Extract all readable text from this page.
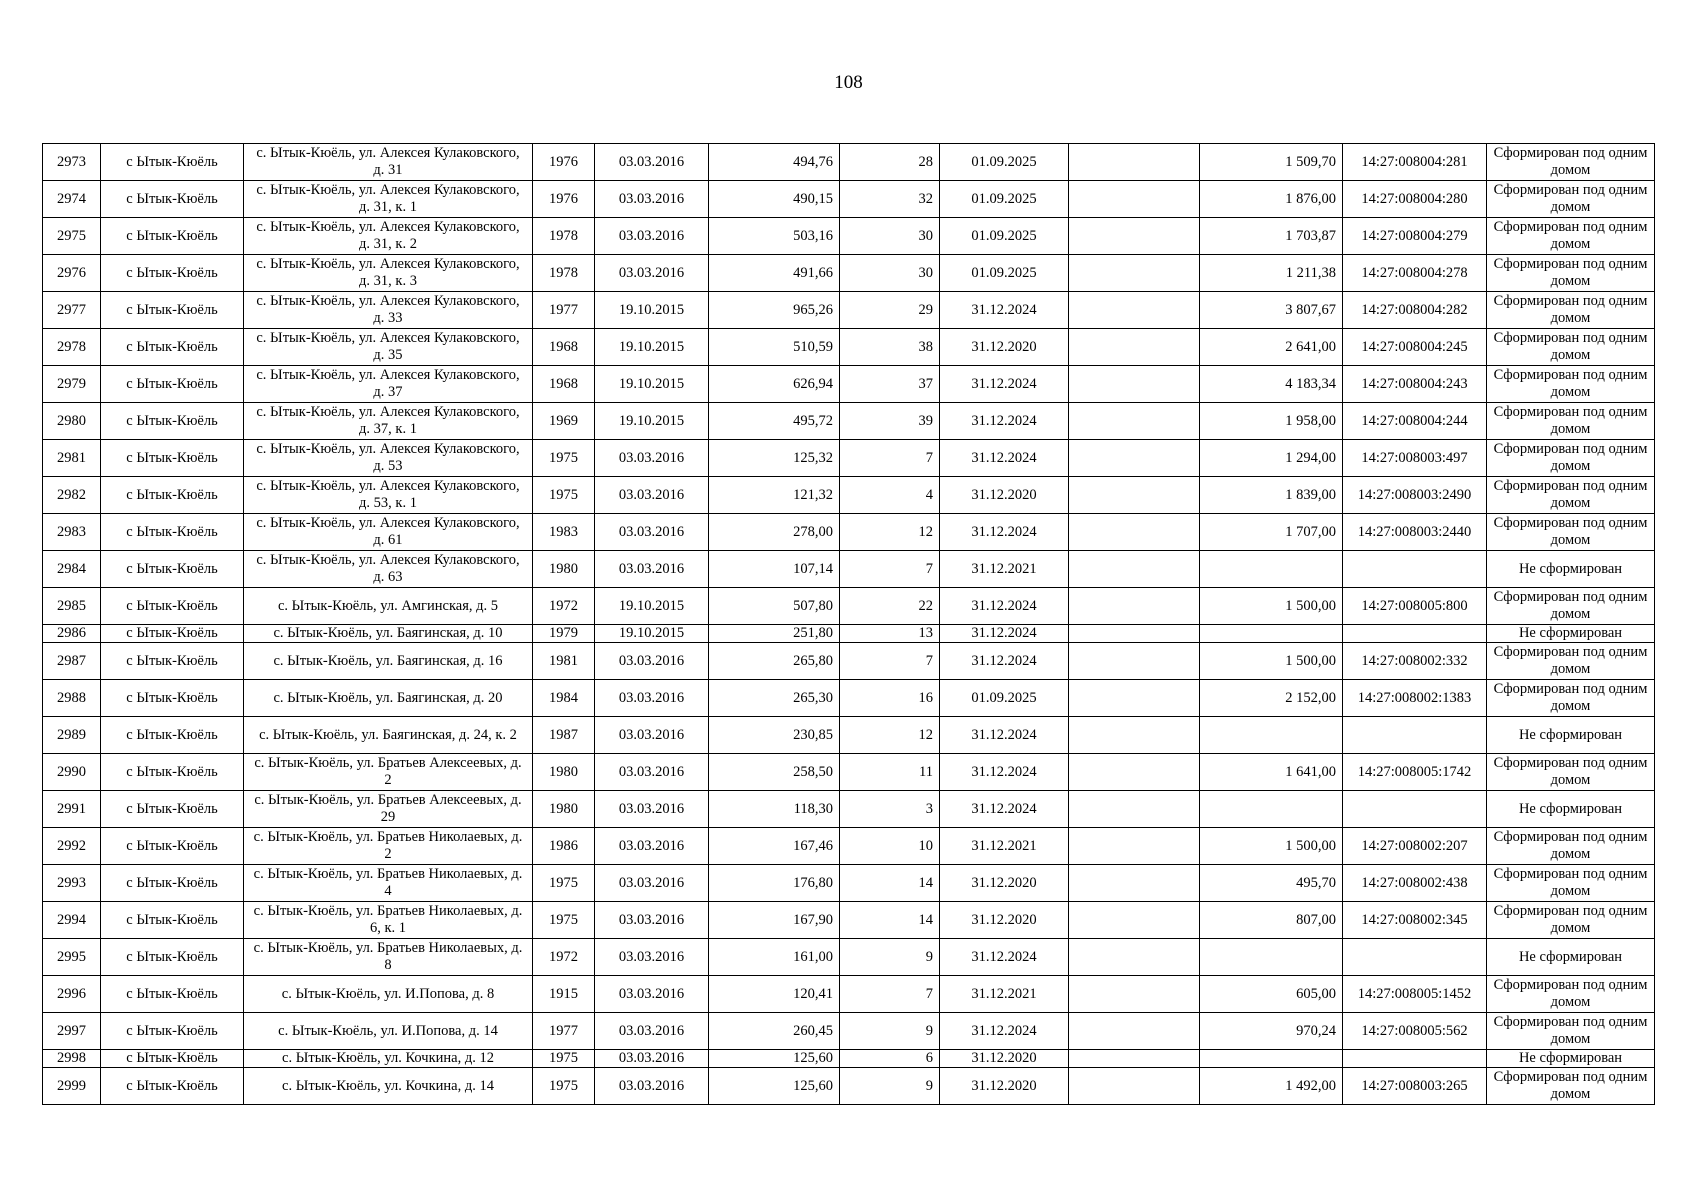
108
2973	с Ытык-Кюёль	с. Ытык-Кюёль, ул. Алексея Кулаковского, д. 31	1976	03.03.2016	494,76	28	01.09.2025		1 509,70	14:27:008004:281	Сформирован под одним домом
2974	с Ытык-Кюёль	с. Ытык-Кюёль, ул. Алексея Кулаковского, д. 31, к. 1	1976	03.03.2016	490,15	32	01.09.2025		1 876,00	14:27:008004:280	Сформирован под одним домом
2975	с Ытык-Кюёль	с. Ытык-Кюёль, ул. Алексея Кулаковского, д. 31, к. 2	1978	03.03.2016	503,16	30	01.09.2025		1 703,87	14:27:008004:279	Сформирован под одним домом
2976	с Ытык-Кюёль	с. Ытык-Кюёль, ул. Алексея Кулаковского, д. 31, к. 3	1978	03.03.2016	491,66	30	01.09.2025		1 211,38	14:27:008004:278	Сформирован под одним домом
2977	с Ытык-Кюёль	с. Ытык-Кюёль, ул. Алексея Кулаковского, д. 33	1977	19.10.2015	965,26	29	31.12.2024		3 807,67	14:27:008004:282	Сформирован под одним домом
2978	с Ытык-Кюёль	с. Ытык-Кюёль, ул. Алексея Кулаковского, д. 35	1968	19.10.2015	510,59	38	31.12.2020		2 641,00	14:27:008004:245	Сформирован под одним домом
2979	с Ытык-Кюёль	с. Ытык-Кюёль, ул. Алексея Кулаковского, д. 37	1968	19.10.2015	626,94	37	31.12.2024		4 183,34	14:27:008004:243	Сформирован под одним домом
2980	с Ытык-Кюёль	с. Ытык-Кюёль, ул. Алексея Кулаковского, д. 37, к. 1	1969	19.10.2015	495,72	39	31.12.2024		1 958,00	14:27:008004:244	Сформирован под одним домом
2981	с Ытык-Кюёль	с. Ытык-Кюёль, ул. Алексея Кулаковского, д. 53	1975	03.03.2016	125,32	7	31.12.2024		1 294,00	14:27:008003:497	Сформирован под одним домом
2982	с Ытык-Кюёль	с. Ытык-Кюёль, ул. Алексея Кулаковского, д. 53, к. 1	1975	03.03.2016	121,32	4	31.12.2020		1 839,00	14:27:008003:2490	Сформирован под одним домом
2983	с Ытык-Кюёль	с. Ытык-Кюёль, ул. Алексея Кулаковского, д. 61	1983	03.03.2016	278,00	12	31.12.2024		1 707,00	14:27:008003:2440	Сформирован под одним домом
2984	с Ытык-Кюёль	с. Ытык-Кюёль, ул. Алексея Кулаковского, д. 63	1980	03.03.2016	107,14	7	31.12.2021				Не сформирован
2985	с Ытык-Кюёль	с. Ытык-Кюёль, ул. Амгинская, д. 5	1972	19.10.2015	507,80	22	31.12.2024		1 500,00	14:27:008005:800	Сформирован под одним домом
2986	с Ытык-Кюёль	с. Ытык-Кюёль, ул. Баягинская, д. 10	1979	19.10.2015	251,80	13	31.12.2024				Не сформирован
2987	с Ытык-Кюёль	с. Ытык-Кюёль, ул. Баягинская, д. 16	1981	03.03.2016	265,80	7	31.12.2024		1 500,00	14:27:008002:332	Сформирован под одним домом
2988	с Ытык-Кюёль	с. Ытык-Кюёль, ул. Баягинская, д. 20	1984	03.03.2016	265,30	16	01.09.2025		2 152,00	14:27:008002:1383	Сформирован под одним домом
2989	с Ытык-Кюёль	с. Ытык-Кюёль, ул. Баягинская, д. 24, к. 2	1987	03.03.2016	230,85	12	31.12.2024				Не сформирован
2990	с Ытык-Кюёль	с. Ытык-Кюёль, ул. Братьев Алексеевых, д. 2	1980	03.03.2016	258,50	11	31.12.2024		1 641,00	14:27:008005:1742	Сформирован под одним домом
2991	с Ытык-Кюёль	с. Ытык-Кюёль, ул. Братьев Алексеевых, д. 29	1980	03.03.2016	118,30	3	31.12.2024				Не сформирован
2992	с Ытык-Кюёль	с. Ытык-Кюёль, ул. Братьев Николаевых, д. 2	1986	03.03.2016	167,46	10	31.12.2021		1 500,00	14:27:008002:207	Сформирован под одним домом
2993	с Ытык-Кюёль	с. Ытык-Кюёль, ул. Братьев Николаевых, д. 4	1975	03.03.2016	176,80	14	31.12.2020		495,70	14:27:008002:438	Сформирован под одним домом
2994	с Ытык-Кюёль	с. Ытык-Кюёль, ул. Братьев Николаевых, д. 6, к. 1	1975	03.03.2016	167,90	14	31.12.2020		807,00	14:27:008002:345	Сформирован под одним домом
2995	с Ытык-Кюёль	с. Ытык-Кюёль, ул. Братьев Николаевых, д. 8	1972	03.03.2016	161,00	9	31.12.2024				Не сформирован
2996	с Ытык-Кюёль	с. Ытык-Кюёль, ул. И.Попова, д. 8	1915	03.03.2016	120,41	7	31.12.2021		605,00	14:27:008005:1452	Сформирован под одним домом
2997	с Ытык-Кюёль	с. Ытык-Кюёль, ул. И.Попова, д. 14	1977	03.03.2016	260,45	9	31.12.2024		970,24	14:27:008005:562	Сформирован под одним домом
2998	с Ытык-Кюёль	с. Ытык-Кюёль, ул. Кочкина, д. 12	1975	03.03.2016	125,60	6	31.12.2020				Не сформирован
2999	с Ытык-Кюёль	с. Ытык-Кюёль, ул. Кочкина, д. 14	1975	03.03.2016	125,60	9	31.12.2020		1 492,00	14:27:008003:265	Сформирован под одним домом
